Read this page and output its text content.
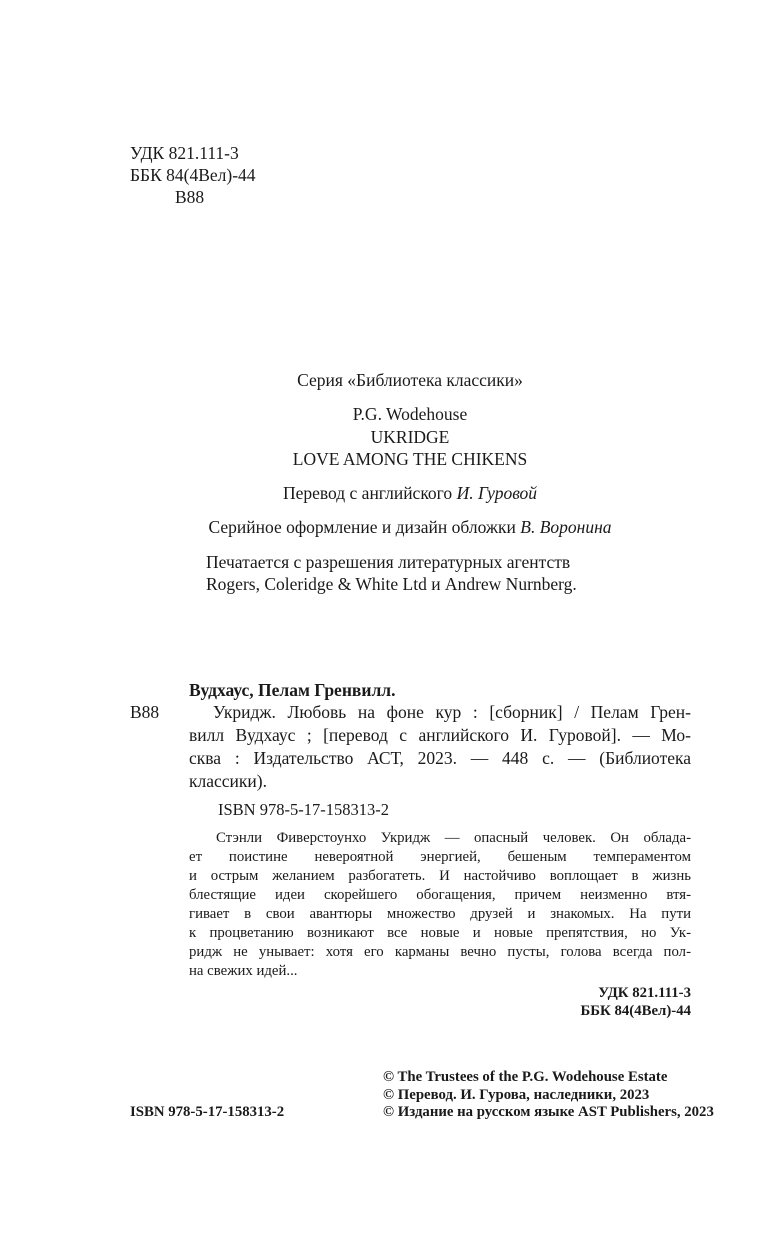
УДК 821.111-3
ББК 84(4Вел)-44
В88
Серия «Библиотека классики»
P.G. Wodehouse
UKRIDGE
LOVE AMONG THE CHIKENS
Перевод с английского И. Гуровой
Серийное оформление и дизайн обложки В. Воронина
Печатается с разрешения литературных агентств
Rogers, Coleridge & White Ltd и Andrew Nurnberg.
Вудхаус, Пелам Гренвилл.
В88	Укридж. Любовь на фоне кур : [сборник] / Пелам Грен-
вилл Вудхаус ; [перевод с английского И. Гуровой]. — Мо-
сква : Издательство АСТ, 2023. — 448 с. — (Библиотека
классики).
ISBN 978-5-17-158313-2
Стэнли Фиверстоунхо Укридж — опасный человек. Он облада-
ет поистине невероятной энергией, бешеным темпераментом
и острым желанием разбогатеть. И настойчиво воплощает в жизнь
блестящие идеи скорейшего обогащения, причем неизменно втя-
гивает в свои авантюры множество друзей и знакомых. На пути
к процветанию возникают все новые и новые препятствия, но Ук-
ридж не унывает: хотя его карманы вечно пусты, голова всегда пол-
на свежих идей...
УДК 821.111-3
ББК 84(4Вел)-44
ISBN 978-5-17-158313-2
© The Trustees of the P.G. Wodehouse Estate
© Перевод. И. Гурова, наследники, 2023
© Издание на русском языке AST Publishers, 2023
